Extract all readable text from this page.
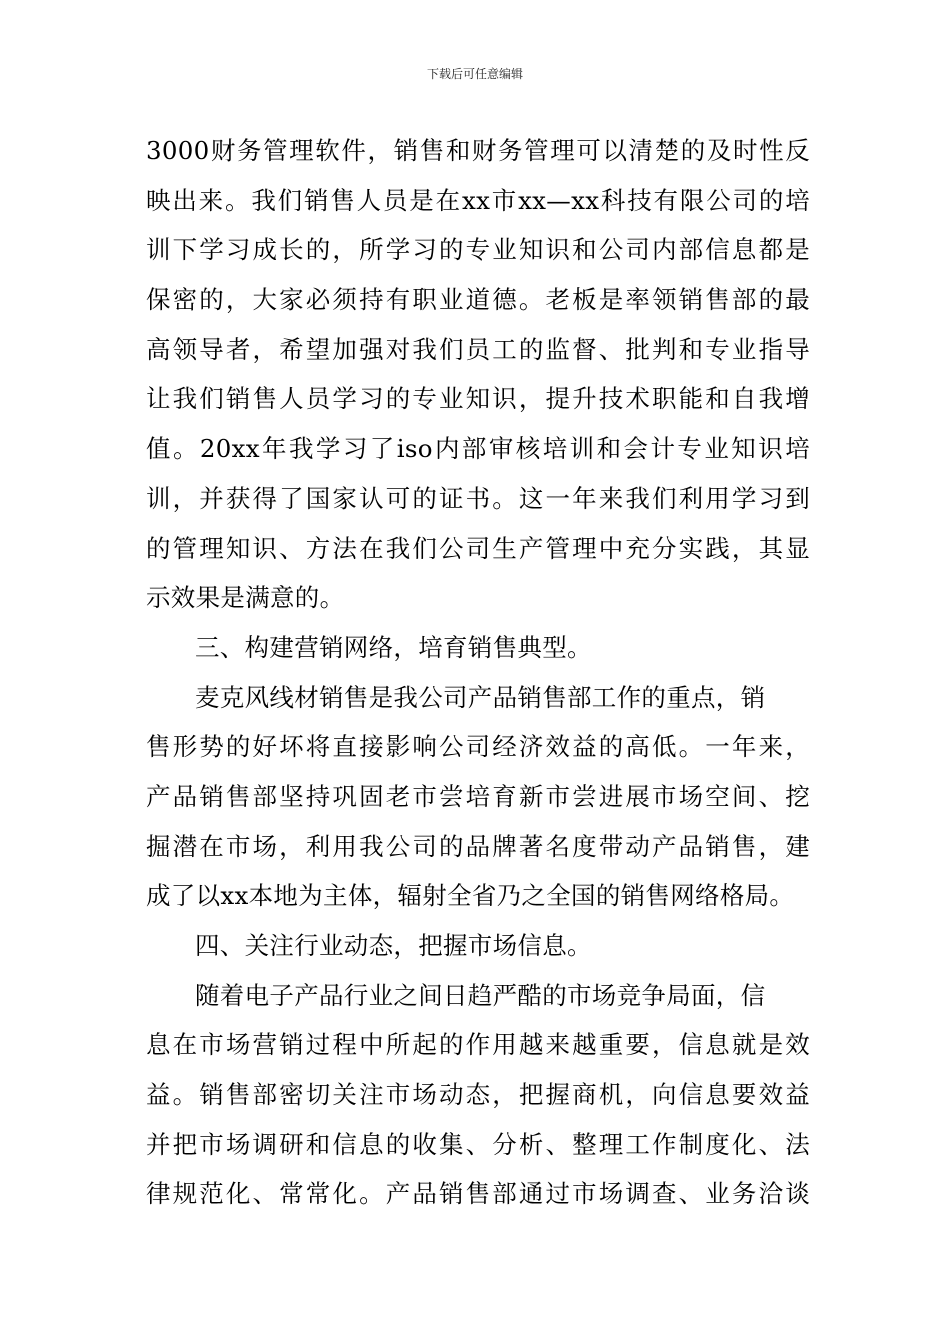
下载后可任意编辑
3000财务管理软件，销售和财务管理可以清楚的及时性反
映出来。我们销售人员是在xx市xx—xx科技有限公司的培
训下学习成长的，所学习的专业知识和公司内部信息都是
保密的，大家必须持有职业道德。老板是率领销售部的最
高领导者，希望加强对我们员工的监督、批判和专业指导
让我们销售人员学习的专业知识，提升技术职能和自我增
值。20xx年我学习了iso内部审核培训和会计专业知识培
训，并获得了国家认可的证书。这一年来我们利用学习到
的管理知识、方法在我们公司生产管理中充分实践，其显
示效果是满意的。
三、构建营销网络，培育销售典型。
麦克风线材销售是我公司产品销售部工作的重点，销
售形势的好坏将直接影响公司经济效益的高低。一年来，
产品销售部坚持巩固老市尝培育新市尝进展市场空间、挖
掘潜在市场，利用我公司的品牌著名度带动产品销售，建
成了以xx本地为主体，辐射全省乃之全国的销售网络格局。
四、关注行业动态，把握市场信息。
随着电子产品行业之间日趋严酷的市场竞争局面，信
息在市场营销过程中所起的作用越来越重要，信息就是效
益。销售部密切关注市场动态，把握商机，向信息要效益
并把市场调研和信息的收集、分析、整理工作制度化、法
律规范化、常常化。产品销售部通过市场调查、业务洽谈
